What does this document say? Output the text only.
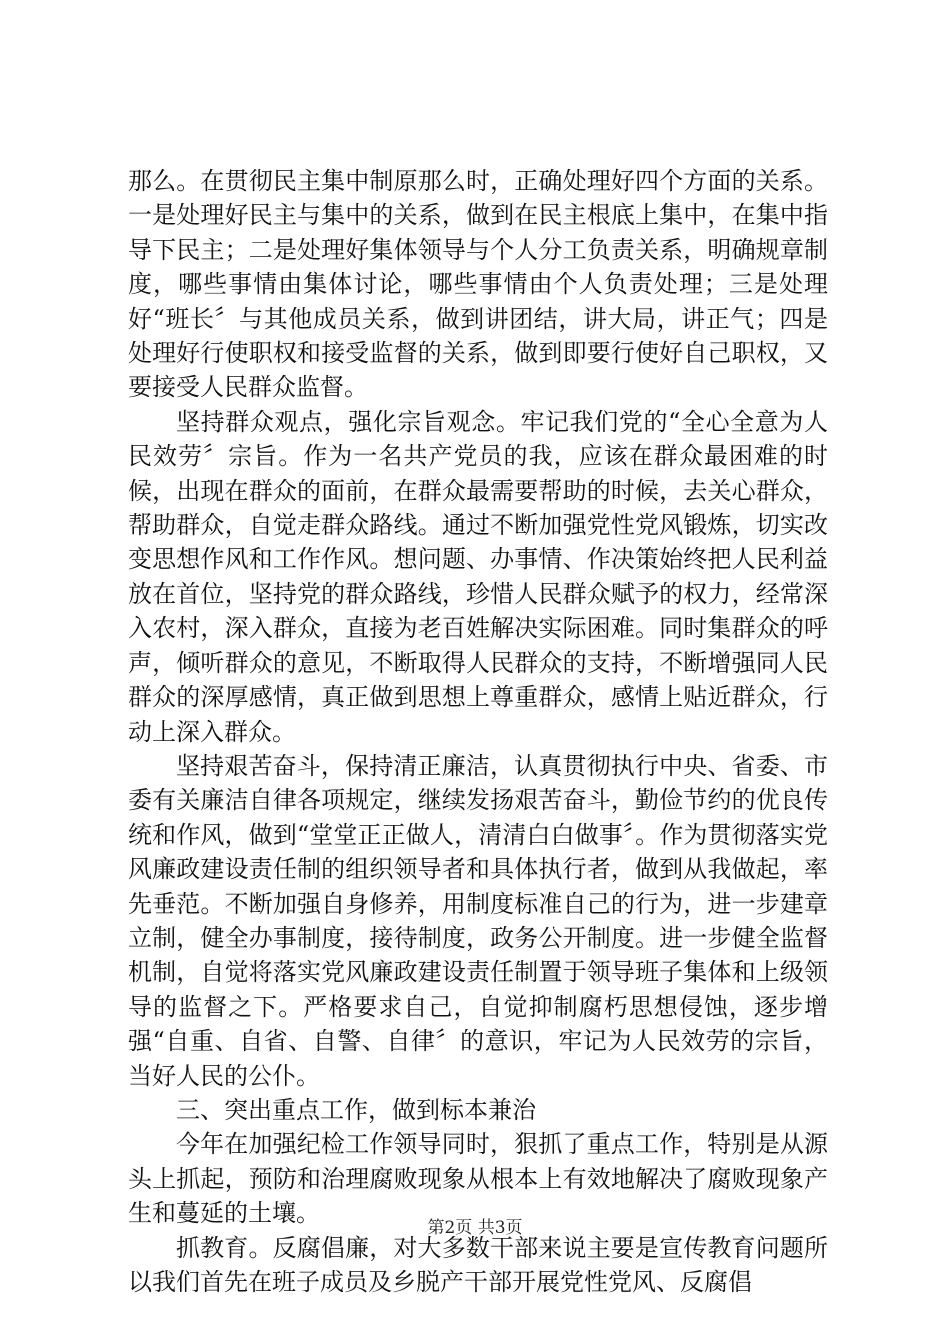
那么。在贯彻民主集中制原那么时，正确处理好四个方面的关系。一是处理好民主与集中的关系，做到在民主根底上集中，在集中指导下民主；二是处理好集体领导与个人分工负责关系，明确规章制度，哪些事情由集体讨论，哪些事情由个人负责处理；三是处理好“班长〞与其他成员关系，做到讲团结，讲大局，讲正气；四是处理好行使职权和接受监督的关系，做到即要行使好自己职权，又要接受人民群众监督。

坚持群众观点，强化宗旨观念。牢记我们党的“全心全意为人民效劳〞宗旨。作为一名共产党员的我，应该在群众最困难的时候，出现在群众的面前，在群众最需要帮助的时候，去关心群众，帮助群众，自觉走群众路线。通过不断加强党性党风锻炼，切实改变思想作风和工作作风。想问题、办事情、作决策始终把人民利益放在首位，坚持党的群众路线，珍惜人民群众赋予的权力，经常深入农村，深入群众，直接为老百姓解决实际困难。同时集群众的呼声，倾听群众的意见，不断取得人民群众的支持，不断增强同人民群众的深厚感情，真正做到思想上尊重群众，感情上贴近群众，行动上深入群众。

坚持艰苦奋斗，保持清正廉洁，认真贯彻执行中央、省委、市委有关廉洁自律各项规定，继续发扬艰苦奋斗，勤俭节约的优良传统和作风，做到“堂堂正正做人，清清白白做事〞。作为贯彻落实党风廉政建设责任制的组织领导者和具体执行者，做到从我做起，率先垂范。不断加强自身修养，用制度标准自己的行为，进一步建章立制，健全办事制度，接待制度，政务公开制度。进一步健全监督机制，自觉将落实党风廉政建设责任制置于领导班子集体和上级领导的监督之下。严格要求自己，自觉抑制腐朽思想侵蚀，逐步增强“自重、自省、自警、自律〞的意识，牢记为人民效劳的宗旨，当好人民的公仆。

三、突出重点工作，做到标本兼治

今年在加强纪检工作领导同时，狠抓了重点工作，特别是从源头上抓起，预防和治理腐败现象从根本上有效地解决了腐败现象产生和蔓延的土壤。

抓教育。反腐倡廉，对大多数干部来说主要是宣传教育问题所以我们首先在班子成员及乡脱产干部开展党性党风、反腐倡

第2页 共3页
